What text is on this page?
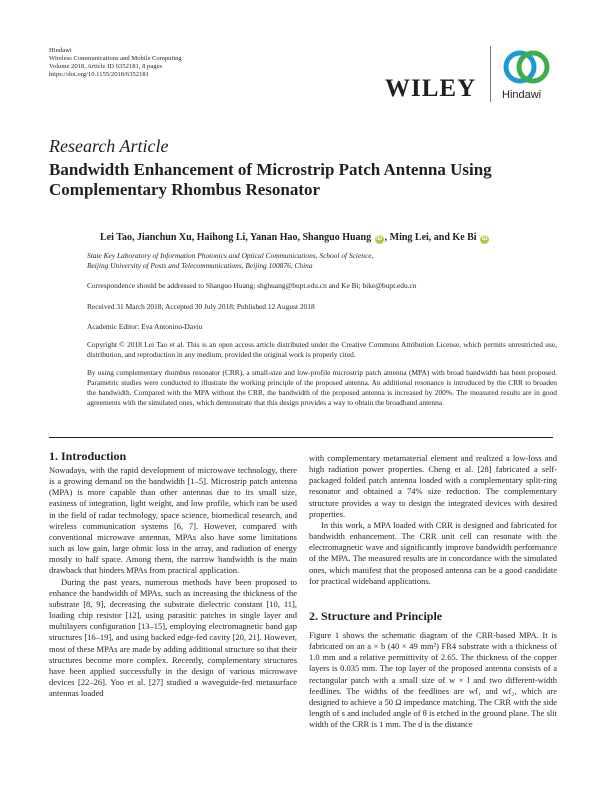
Hindawi
Wireless Communications and Mobile Computing
Volume 2018, Article ID 6352181, 8 pages
https://doi.org/10.1155/2018/6352181
WILEY Hindawi
Research Article
Bandwidth Enhancement of Microstrip Patch Antenna Using Complementary Rhombus Resonator
Lei Tao, Jianchun Xu, Haihong Li, Yanan Hao, Shanguo Huang iD , Ming Lei, and Ke Bi iD
State Key Laboratory of Information Photonics and Optical Communications, School of Science,
Beijing University of Posts and Telecommunications, Beijing 100876, China
Correspondence should be addressed to Shanguo Huang; shghuang@bupt.edu.cn and Ke Bi; bike@bupt.edu.cn
Received 31 March 2018; Accepted 30 July 2018; Published 12 August 2018
Academic Editor: Eva Antonino-Daviu
Copyright © 2018 Lei Tao et al. This is an open access article distributed under the Creative Commons Attribution License, which permits unrestricted use, distribution, and reproduction in any medium, provided the original work is properly cited.
By using complementary rhombus resonator (CRR), a small-size and low-profile microstrip patch antenna (MPA) with broad bandwidth has been proposed. Parametric studies were conducted to illustrate the working principle of the proposed antenna. An additional resonance is introduced by the CRR to broaden the bandwidth. Compared with the MPA without the CRR, the bandwidth of the proposed antenna is increased by 200%. The measured results are in good agreements with the simulated ones, which demonstrate that this design provides a way to obtain the broadband antenna.
1. Introduction

Nowadays, with the rapid development of microwave technology, there is a growing demand on the bandwidth [1–5]. Microstrip patch antenna (MPA) is more capable than other antennas due to its small size, easiness of integration, light weight, and low profile, which can be used in the field of radar technology, space science, biomedical research, and wireless communication systems [6, 7]. However, compared with conventional microwave antennas, MPAs also have some limitations such as low gain, large ohmic loss in the array, and radiation of energy mostly to half space. Among them, the narrow bandwidth is the main drawback that hinders MPAs from practical application.

During the past years, numerous methods have been proposed to enhance the bandwidth of MPAs, such as increasing the thickness of the substrate [8, 9], decreasing the substrate dielectric constant [10, 11], loading chip resistor [12], using parasitic patches in single layer and multilayers configuration [13–15], employing electromagnetic band gap structures [16–19], and using backed edge-fed cavity [20, 21]. However, most of these MPAs are made by adding additional structure so that their structures become more complex. Recently, complementary structures have been applied successfully in the design of various microwave devices [22–26]. Yoo et al. [27] studied a waveguide-fed metasurface antennas loaded

with complementary metamaterial element and realized a low-loss and high radiation power properties. Cheng et al. [28] fabricated a self-packaged folded patch antenna loaded with a complementary split-ring resonator and obtained a 74% size reduction. The complementary structure provides a way to design the integrated devices with desired properties.

In this work, a MPA loaded with CRR is designed and fabricated for bandwidth enhancement. The CRR unit cell can resonate with the electromagnetic wave and significantly improve bandwidth performance of the MPA. The measured results are in concordance with the simulated ones, which manifest that the proposed antenna can be a good candidate for practical wideband applications.

2. Structure and Principle

Figure 1 shows the schematic diagram of the CRR-based MPA. It is fabricated on an a × b (40 × 49 mm²) FR4 substrate with a thickness of 1.0 mm and a relative permittivity of 2.65. The thickness of the copper layers is 0.035 mm. The top layer of the proposed antenna consists of a rectangular patch with a small size of w × l and two different-width feedlines. The widths of the feedlines are wf₁ and wf₂, which are designed to achieve a 50 Ω impedance matching. The CRR with the side length of s and included angle of θ is etched in the ground plane. The slit width of the CRR is 1 mm. The d is the distance
